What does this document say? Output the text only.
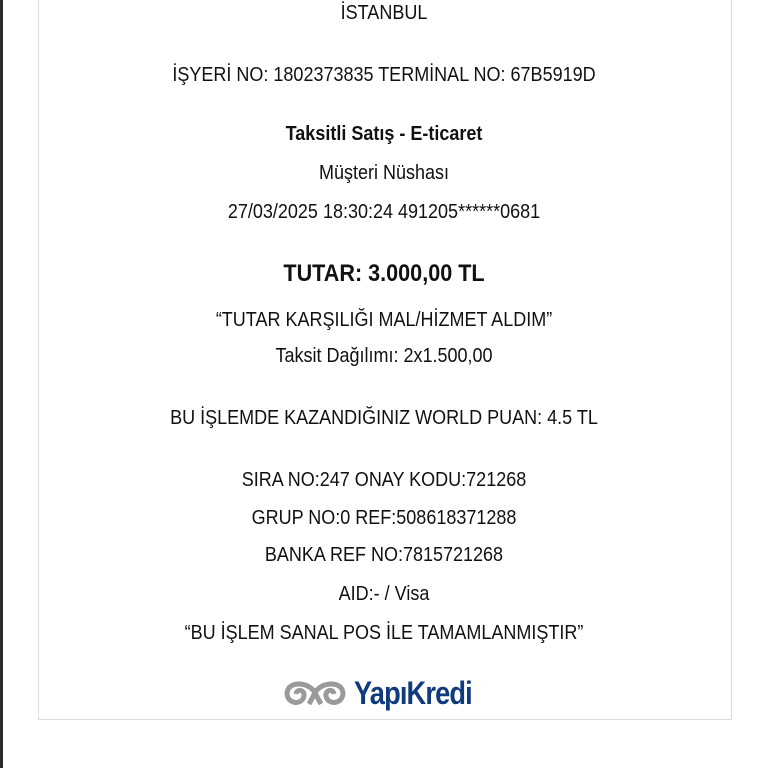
İSTANBUL
İŞYERİ NO: 1802373835 TERMİNAL NO: 67B5919D
Taksitli Satış - E-ticaret
Müşteri Nüshası
27/03/2025 18:30:24 491205******0681
TUTAR: 3.000,00 TL
“TUTAR KARŞILIĞI MAL/HİZMET ALDIM”
Taksit Dağılımı: 2x1.500,00
BU İŞLEMDE KAZANDIĞINIZ WORLD PUAN: 4.5 TL
SIRA NO:247 ONAY KODU:721268
GRUP NO:0 REF:508618371288
BANKA REF NO:7815721268
AID:- / Visa
“BU İŞLEM SANAL POS İLE TAMAMLANMIŞTIR”
YapıKredi
